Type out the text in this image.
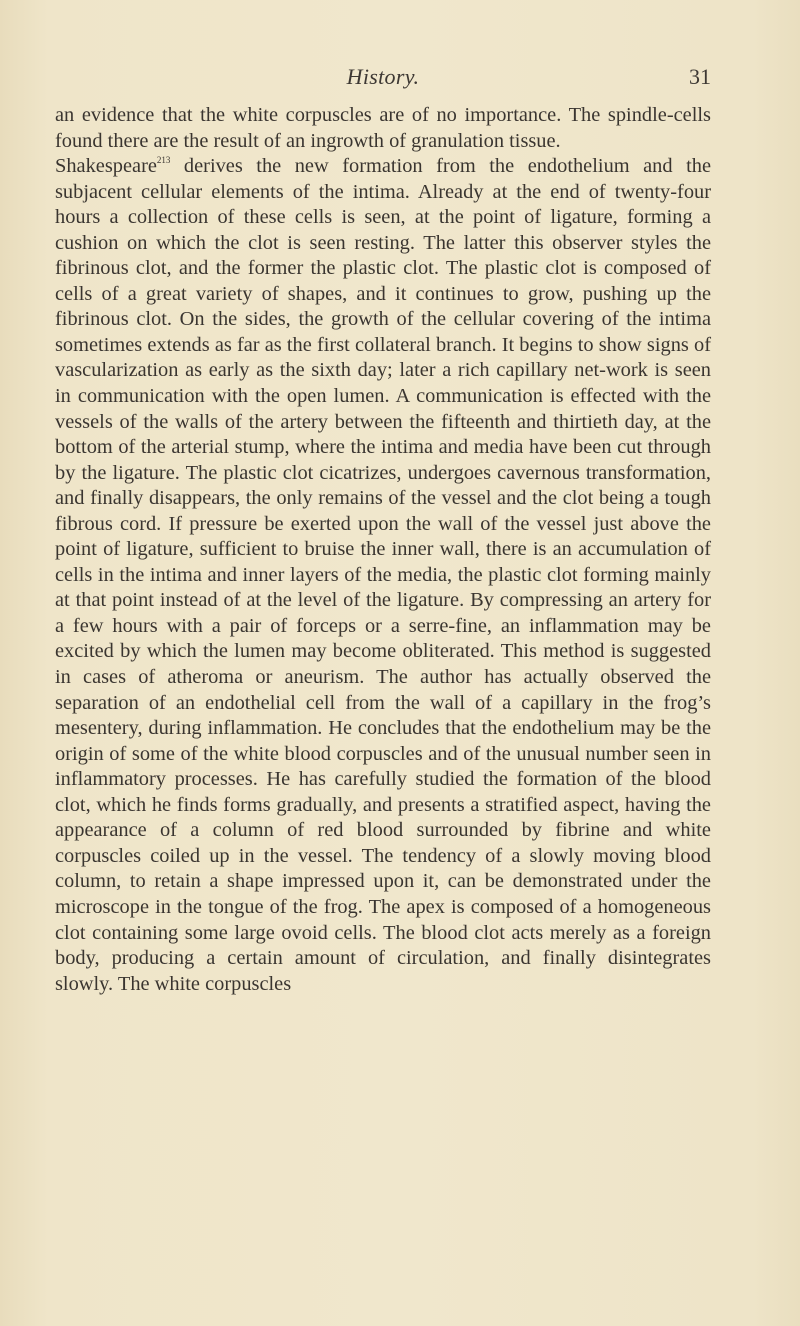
History.	31

an evidence that the white corpuscles are of no importance. The spindle-cells found there are the result of an ingrowth of granulation tissue.

Shakespeare$^{213}$ derives the new formation from the endothelium and the subjacent cellular elements of the intima. Already at the end of twenty-four hours a collection of these cells is seen, at the point of ligature, forming a cushion on which the clot is seen resting. The latter this observer styles the fibrinous clot, and the former the plastic clot. The plastic clot is composed of cells of a great variety of shapes, and it continues to grow, pushing up the fibrinous clot. On the sides, the growth of the cellular covering of the intima sometimes extends as far as the first collateral branch. It begins to show signs of vascularization as early as the sixth day; later a rich capillary net-work is seen in communication with the open lumen. A communication is effected with the vessels of the walls of the artery between the fifteenth and thirtieth day, at the bottom of the arterial stump, where the intima and media have been cut through by the ligature. The plastic clot cicatrizes, undergoes cavernous transformation, and finally disappears, the only remains of the vessel and the clot being a tough fibrous cord. If pressure be exerted upon the wall of the vessel just above the point of ligature, sufficient to bruise the inner wall, there is an accumulation of cells in the intima and inner layers of the media, the plastic clot forming mainly at that point instead of at the level of the ligature. By compressing an artery for a few hours with a pair of forceps or a serre-fine, an inflammation may be excited by which the lumen may become obliterated. This method is suggested in cases of atheroma or aneurism. The author has actually observed the separation of an endothelial cell from the wall of a capillary in the frog’s mesentery, during inflammation. He concludes that the endothelium may be the origin of some of the white blood corpuscles and of the unusual number seen in inflammatory processes. He has carefully studied the formation of the blood clot, which he finds forms gradually, and presents a stratified aspect, having the appearance of a column of red blood surrounded by fibrine and white corpuscles coiled up in the vessel. The tendency of a slowly moving blood column, to retain a shape impressed upon it, can be demonstrated under the microscope in the tongue of the frog. The apex is composed of a homogeneous clot containing some large ovoid cells. The blood clot acts merely as a foreign body, producing a certain amount of circulation, and finally disintegrates slowly. The white corpuscles
